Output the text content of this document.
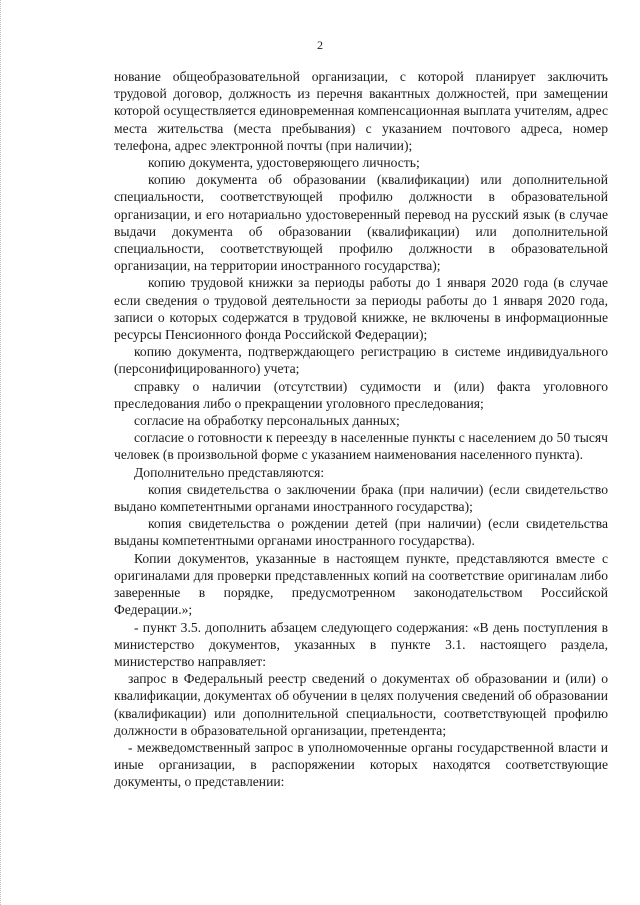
2

нование общеобразовательной организации, с которой планирует заключить трудовой договор, должность из перечня вакантных должностей, при замещении которой осуществляется единовременная компенсационная выплата учителям, адрес места жительства (места пребывания) с указанием почтового адреса, номер телефона, адрес электронной почты (при наличии);

копию документа, удостоверяющего личность;

копию документа об образовании (квалификации) или дополнительной специальности, соответствующей профилю должности в образовательной организации, и его нотариально удостоверенный перевод на русский язык (в случае выдачи документа об образовании (квалификации) или дополнительной специальности, соответствующей профилю должности в образовательной организации, на территории иностранного государства);

копию трудовой книжки за периоды работы до 1 января 2020 года (в случае если сведения о трудовой деятельности за периоды работы до 1 января 2020 года, записи о которых содержатся в трудовой книжке, не включены в информационные ресурсы Пенсионного фонда Российской Федерации);

копию документа, подтверждающего регистрацию в системе индивидуального (персонифицированного) учета;

справку о наличии (отсутствии) судимости и (или) факта уголовного преследования либо о прекращении уголовного преследования;

согласие на обработку персональных данных;

согласие о готовности к переезду в населенные пункты с населением до 50 тысяч человек (в произвольной форме с указанием наименования населенного пункта).

Дополнительно представляются:

копия свидетельства о заключении брака (при наличии) (если свидетельство выдано компетентными органами иностранного государства);

копия свидетельства о рождении детей (при наличии) (если свидетельства выданы компетентными органами иностранного государства).

Копии документов, указанные в настоящем пункте, представляются вместе с оригиналами для проверки представленных копий на соответствие оригиналам либо заверенные в порядке, предусмотренном законодательством Российской Федерации.»;

- пункт 3.5. дополнить абзацем следующего содержания: «В день поступления в министерство документов, указанных в пункте 3.1. настоящего раздела, министерство направляет:

запрос в Федеральный реестр сведений о документах об образовании и (или) о квалификации, документах об обучении в целях получения сведений об образовании (квалификации) или дополнительной специальности, соответствующей профилю должности в образовательной организации, претендента;

- межведомственный запрос в уполномоченные органы государственной власти и иные организации, в распоряжении которых находятся соответствующие документы, о представлении:
